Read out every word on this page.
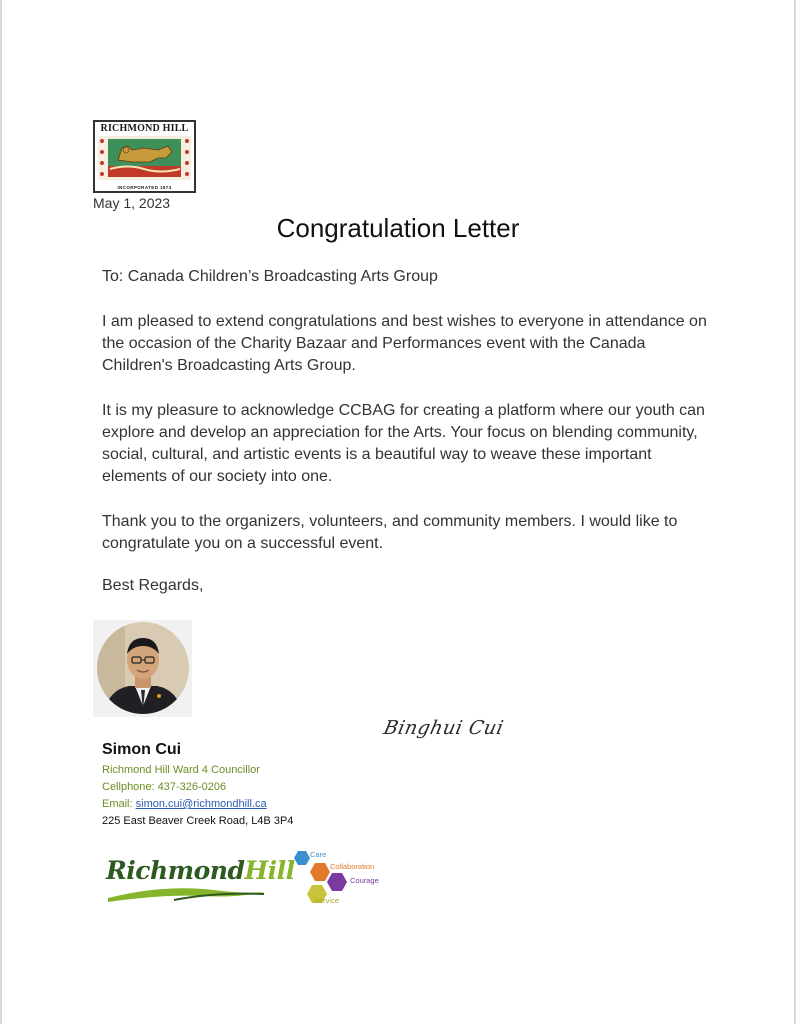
RICHMOND HILL
INCORPORATED 1873
May 1, 2023
Congratulation Letter

To: Canada Children’s Broadcasting Arts Group

I am pleased to extend congratulations and best wishes to everyone in attendance on the occasion of the Charity Bazaar and Performances event with the Canada Children's Broadcasting Arts Group.

It is my pleasure to acknowledge CCBAG for creating a platform where our youth can explore and develop an appreciation for the Arts. Your focus on blending community, social, cultural, and artistic events is a beautiful way to weave these important elements of our society into one.

Thank you to the organizers, volunteers, and community members. I would like to congratulate you on a successful event.

Best Regards,

Binghui Cui
Simon Cui
Richmond Hill Ward 4 Councillor
Cellphone: 437-326-0206
Email: simon.cui@richmondhill.ca
225 East Beaver Creek Road, L4B 3P4
RichmondHill
Care
Collaboration
Courage
Service
